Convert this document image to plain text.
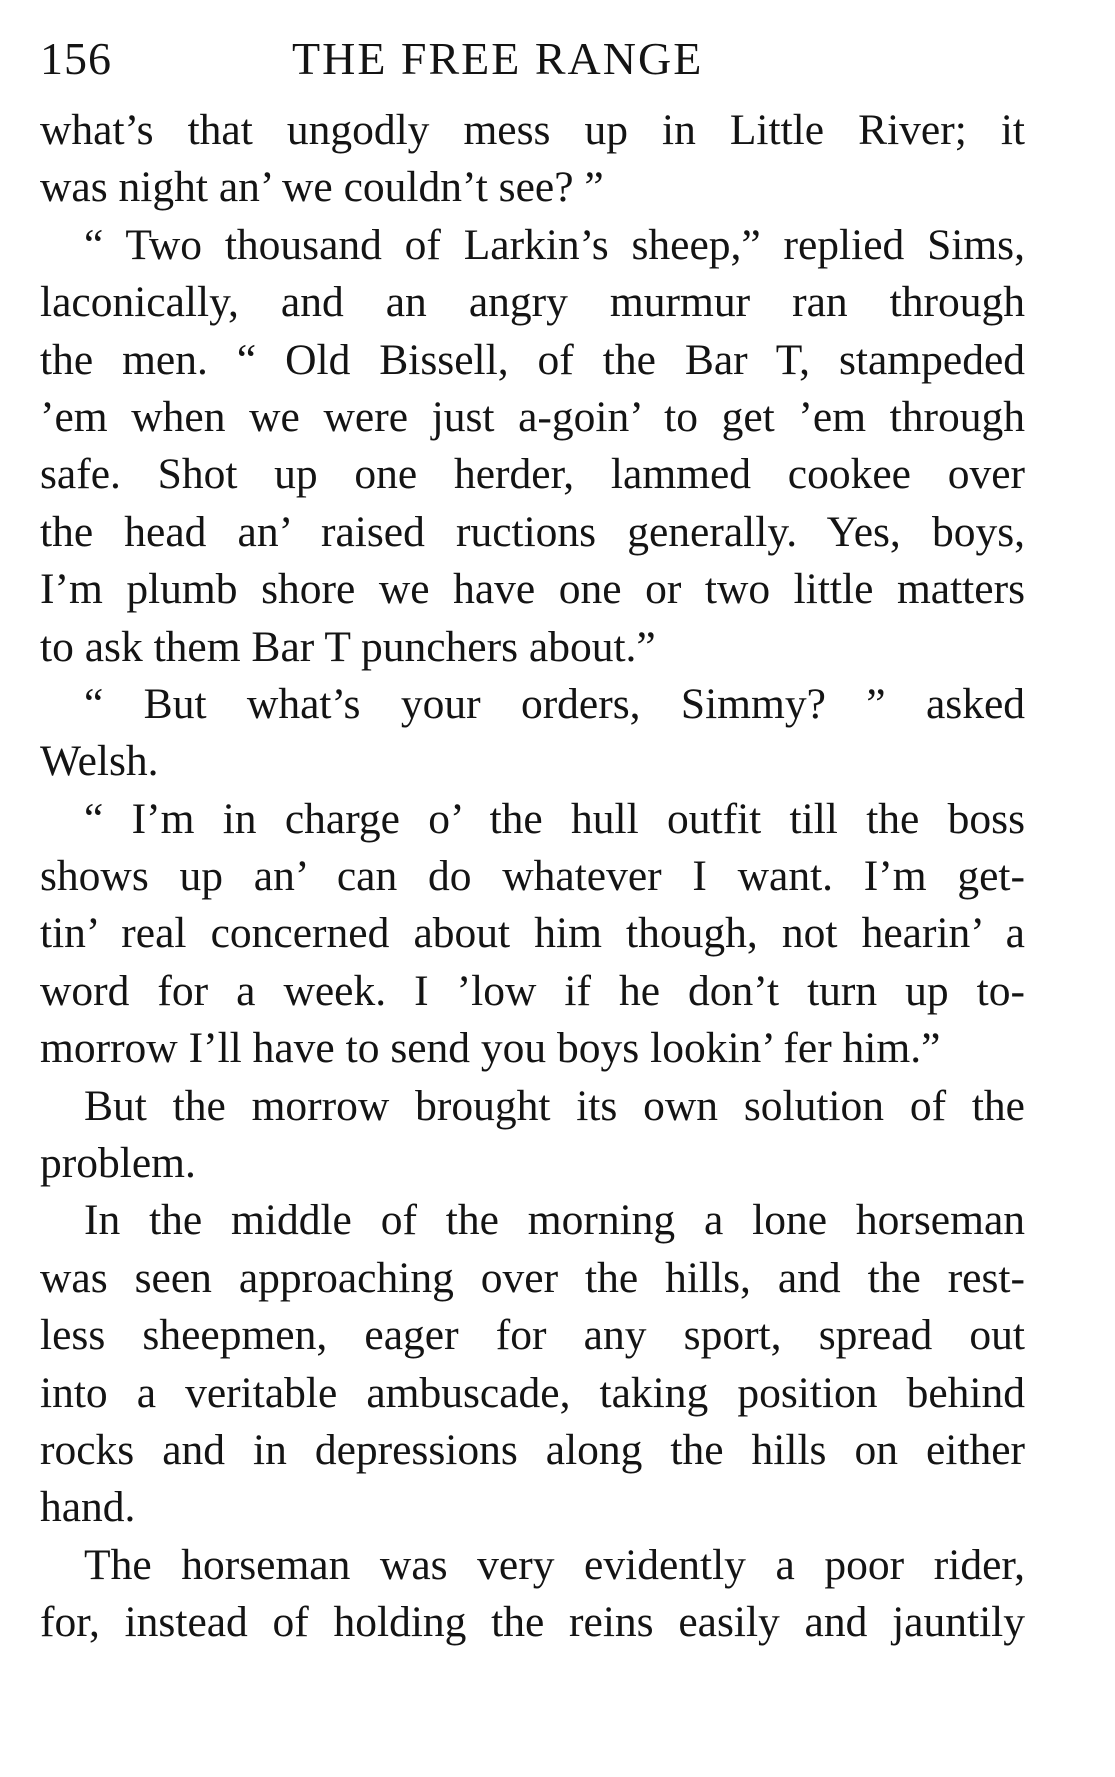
156	THE FREE RANGE
what’s that ungodly mess up in Little River; it
was night an’ we couldn’t see? ”
“ Two thousand of Larkin’s sheep,” replied Sims,
laconically, and an angry murmur ran through
the men. “ Old Bissell, of the Bar T, stampeded
’em when we were just a-goin’ to get ’em through
safe. Shot up one herder, lammed cookee over
the head an’ raised ructions generally. Yes, boys,
I’m plumb shore we have one or two little matters
to ask them Bar T punchers about.”
“ But what’s your orders, Simmy? ” asked
Welsh.
“ I’m in charge o’ the hull outfit till the boss
shows up an’ can do whatever I want. I’m get-
tin’ real concerned about him though, not hearin’ a
word for a week. I ’low if he don’t turn up to-
morrow I’ll have to send you boys lookin’ fer him.”
But the morrow brought its own solution of the
problem.
In the middle of the morning a lone horseman
was seen approaching over the hills, and the rest-
less sheepmen, eager for any sport, spread out
into a veritable ambuscade, taking position behind
rocks and in depressions along the hills on either
hand.
The horseman was very evidently a poor rider,
for, instead of holding the reins easily and jauntily
